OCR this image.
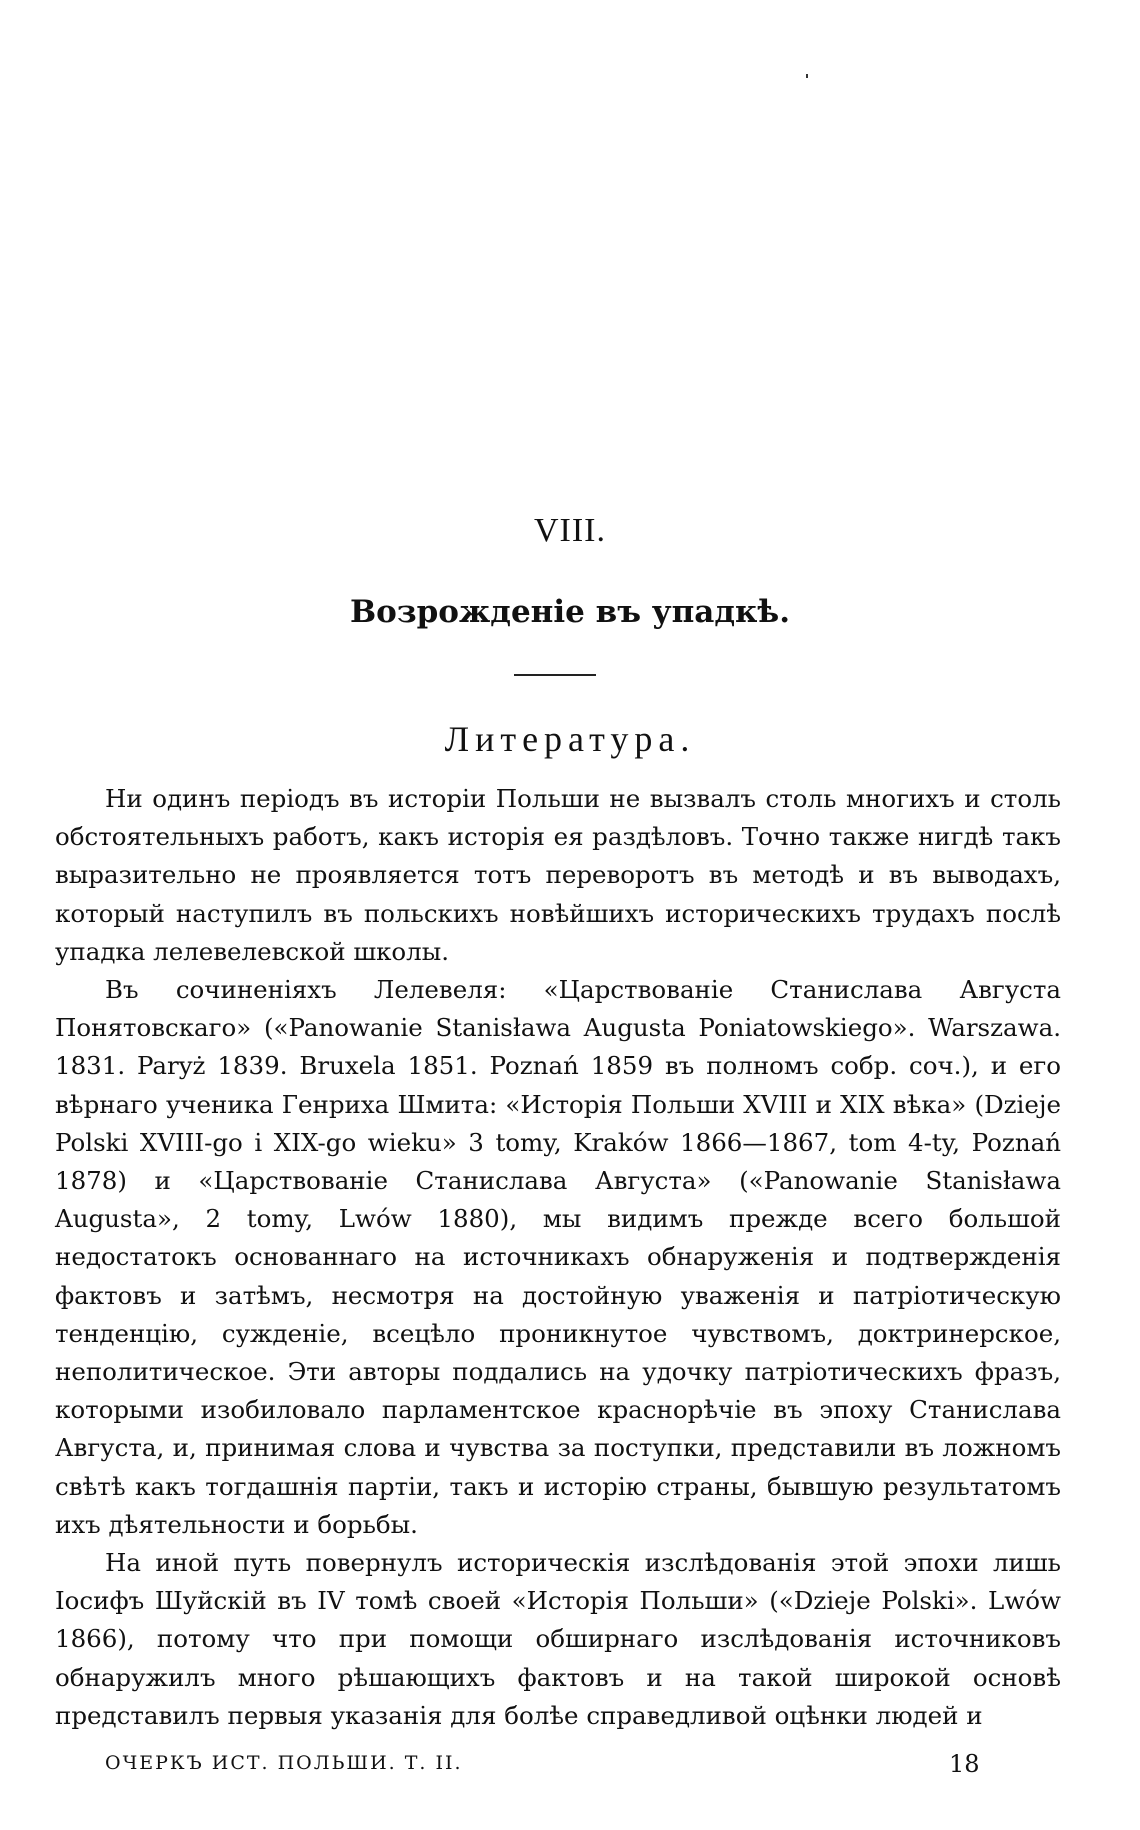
VIII.
Возрожденіе въ упадкѣ.
Литература.

Ни одинъ періодъ въ исторіи Польши не вызвалъ столь многихъ и столь обстоятельныхъ работъ, какъ исторія ея раздѣловъ. Точно также нигдѣ такъ выразительно не проявляется тотъ переворотъ въ методѣ и въ выводахъ, который наступилъ въ польскихъ новѣйшихъ историческихъ трудахъ послѣ упадка лелевелевской школы.

Въ сочиненіяхъ Лелевеля: «Царствованіе Станислава Августа Понятовскаго» («Panowanie Stanisława Augusta Poniatowskiego». Warszawa. 1831. Paryż 1839. Bruxela 1851. Poznań 1859 въ полномъ собр. соч.), и его вѣрнаго ученика Генриха Шмита: «Исторія Польши XVIII и XIX вѣка» (Dzieje Polski XVIII-go i XIX-go wieku» 3 tomy, Kraków 1866—1867, tom 4-ty, Poznań 1878) и «Царствованіе Станислава Августа» («Panowanie Stanisława Augusta», 2 tomy, Lwów 1880), мы видимъ прежде всего большой недостатокъ основаннаго на источникахъ обнаруженія и подтвержденія фактовъ и затѣмъ, несмотря на достойную уваженія и патріотическую тенденцію, сужденіе, всецѣло проникнутое чувствомъ, доктринерское, неполитическое. Эти авторы поддались на удочку патріотическихъ фразъ, которыми изобиловало парламентское краснорѣчіе въ эпоху Станислава Августа, и, принимая слова и чувства за поступки, представили въ ложномъ свѣтѣ какъ тогдашнія партіи, такъ и исторію страны, бывшую результатомъ ихъ дѣятельности и борьбы.

На иной путь повернулъ историческія изслѣдованія этой эпохи лишь Іосифъ Шуйскій въ IV томѣ своей «Исторія Польши» («Dzieje Polski». Lwów 1866), потому что при помощи обширнаго изслѣдованія источниковъ обнаружилъ много рѣшающихъ фактовъ и на такой широкой основѣ представилъ первыя указанія для болѣе справедливой оцѣнки людей и

ОЧЕРКЪ ИСТ. ПОЛЬШИ. Т. II.	18
